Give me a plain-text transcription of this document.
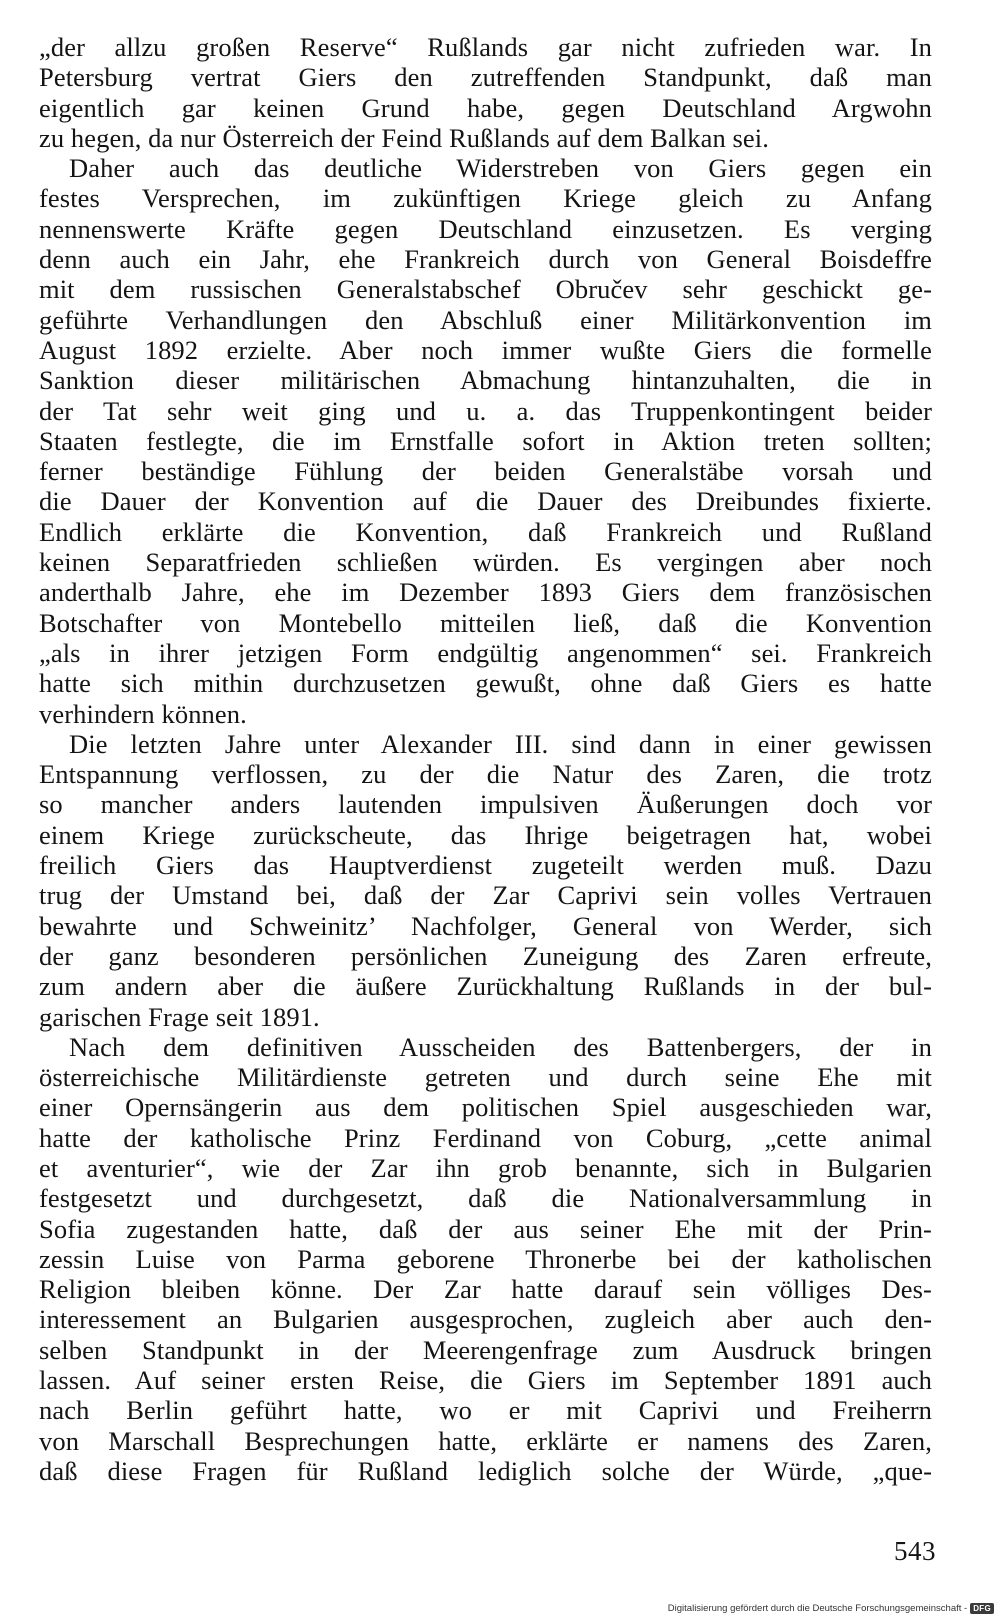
„der allzu großen Reserve“ Rußlands gar nicht zufrieden war. In
Petersburg vertrat Giers den zutreffenden Standpunkt, daß man
eigentlich gar keinen Grund habe, gegen Deutschland Argwohn
zu hegen, da nur Österreich der Feind Rußlands auf dem Balkan sei.
Daher auch das deutliche Widerstreben von Giers gegen ein
festes Versprechen, im zukünftigen Kriege gleich zu Anfang
nennenswerte Kräfte gegen Deutschland einzusetzen. Es verging
denn auch ein Jahr, ehe Frankreich durch von General Boisdeffre
mit dem russischen Generalstabschef Obručev sehr geschickt ge-
geführte Verhandlungen den Abschluß einer Militärkonvention im
August 1892 erzielte. Aber noch immer wußte Giers die formelle
Sanktion dieser militärischen Abmachung hintanzuhalten, die in
der Tat sehr weit ging und u. a. das Truppenkontingent beider
Staaten festlegte, die im Ernstfalle sofort in Aktion treten sollten;
ferner beständige Fühlung der beiden Generalstäbe vorsah und
die Dauer der Konvention auf die Dauer des Dreibundes fixierte.
Endlich erklärte die Konvention, daß Frankreich und Rußland
keinen Separatfrieden schließen würden. Es vergingen aber noch
anderthalb Jahre, ehe im Dezember 1893 Giers dem französischen
Botschafter von Montebello mitteilen ließ, daß die Konvention
„als in ihrer jetzigen Form endgültig angenommen“ sei. Frankreich
hatte sich mithin durchzusetzen gewußt, ohne daß Giers es hatte
verhindern können.
Die letzten Jahre unter Alexander III. sind dann in einer gewissen
Entspannung verflossen, zu der die Natur des Zaren, die trotz
so mancher anders lautenden impulsiven Äußerungen doch vor
einem Kriege zurückscheute, das Ihrige beigetragen hat, wobei
freilich Giers das Hauptverdienst zugeteilt werden muß. Dazu
trug der Umstand bei, daß der Zar Caprivi sein volles Vertrauen
bewahrte und Schweinitz’ Nachfolger, General von Werder, sich
der ganz besonderen persönlichen Zuneigung des Zaren erfreute,
zum andern aber die äußere Zurückhaltung Rußlands in der bul-
garischen Frage seit 1891.
Nach dem definitiven Ausscheiden des Battenbergers, der in
österreichische Militärdienste getreten und durch seine Ehe mit
einer Opernsängerin aus dem politischen Spiel ausgeschieden war,
hatte der katholische Prinz Ferdinand von Coburg, „cette animal
et aventurier“, wie der Zar ihn grob benannte, sich in Bulgarien
festgesetzt und durchgesetzt, daß die Nationalversammlung in
Sofia zugestanden hatte, daß der aus seiner Ehe mit der Prin-
zessin Luise von Parma geborene Thronerbe bei der katholischen
Religion bleiben könne. Der Zar hatte darauf sein völliges Des-
interessement an Bulgarien ausgesprochen, zugleich aber auch den-
selben Standpunkt in der Meerengenfrage zum Ausdruck bringen
lassen. Auf seiner ersten Reise, die Giers im September 1891 auch
nach Berlin geführt hatte, wo er mit Caprivi und Freiherrn
von Marschall Besprechungen hatte, erklärte er namens des Zaren,
daß diese Fragen für Rußland lediglich solche der Würde, „que-
543
Digitalisierung gefördert durch die Deutsche Forschungsgemeinschaft - DFG
